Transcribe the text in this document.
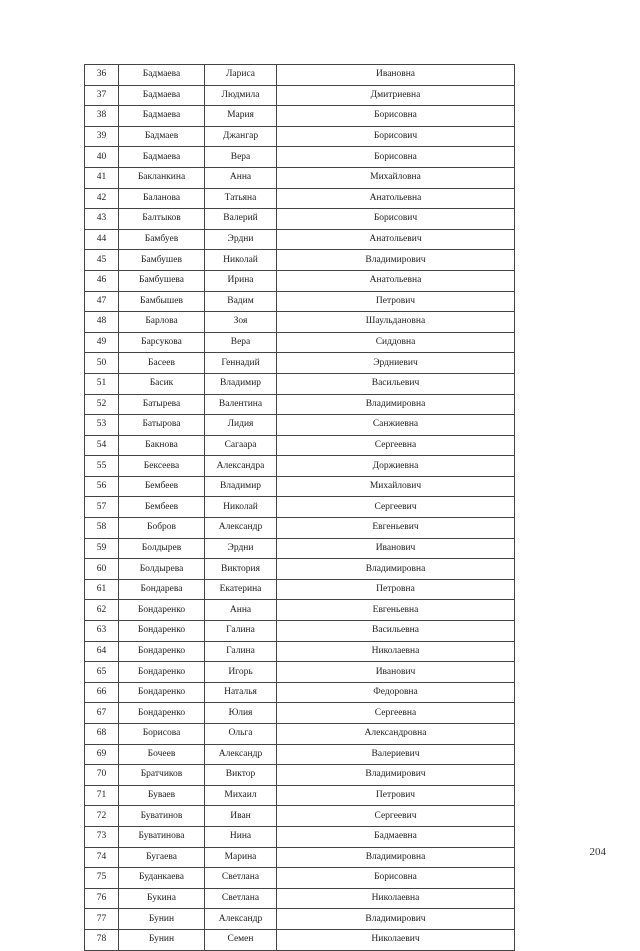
36	Бадмаева	Лариса	Ивановна
37	Бадмаева	Людмила	Дмитриевна
38	Бадмаева	Мария	Борисовна
39	Бадмаев	Джангар	Борисович
40	Бадмаева	Вера	Борисовна
41	Бакланкина	Анна	Михайловна
42	Баланова	Татьяна	Анатольевна
43	Балтыков	Валерий	Борисович
44	Бамбуев	Эрдни	Анатольевич
45	Бамбушев	Николай	Владимирович
46	Бамбушева	Ирина	Анатольевна
47	Бамбышев	Вадим	Петрович
48	Барлова	Зоя	Шаульдановна
49	Барсукова	Вера	Сиддовна
50	Басеев	Геннадий	Эрдниевич
51	Басик	Владимир	Васильевич
52	Батырева	Валентина	Владимировна
53	Батырова	Лидия	Санжиевна
54	Бакнова	Сагаара	Сергеевна
55	Бексеева	Александра	Доржиевна
56	Бембеев	Владимир	Михайлович
57	Бембеев	Николай	Сергеевич
58	Бобров	Александр	Евгеньевич
59	Болдырев	Эрдни	Иванович
60	Болдырева	Виктория	Владимировна
61	Бондарева	Екатерина	Петровна
62	Бондаренко	Анна	Евгеньевна
63	Бондаренко	Галина	Васильевна
64	Бондаренко	Галина	Николаевна
65	Бондаренко	Игорь	Иванович
66	Бондаренко	Наталья	Федоровна
67	Бондаренко	Юлия	Сергеевна
68	Борисова	Ольга	Александровна
69	Бочеев	Александр	Валериевич
70	Братчиков	Виктор	Владимирович
71	Буваев	Михаил	Петрович
72	Буватинов	Иван	Сергеевич
73	Буватинова	Нина	Бадмаевна
74	Бугаева	Марина	Владимировна
75	Буданкаева	Светлана	Борисовна
76	Букина	Светлана	Николаевна
77	Бунин	Александр	Владимирович
78	Бунин	Семен	Николаевич
204
